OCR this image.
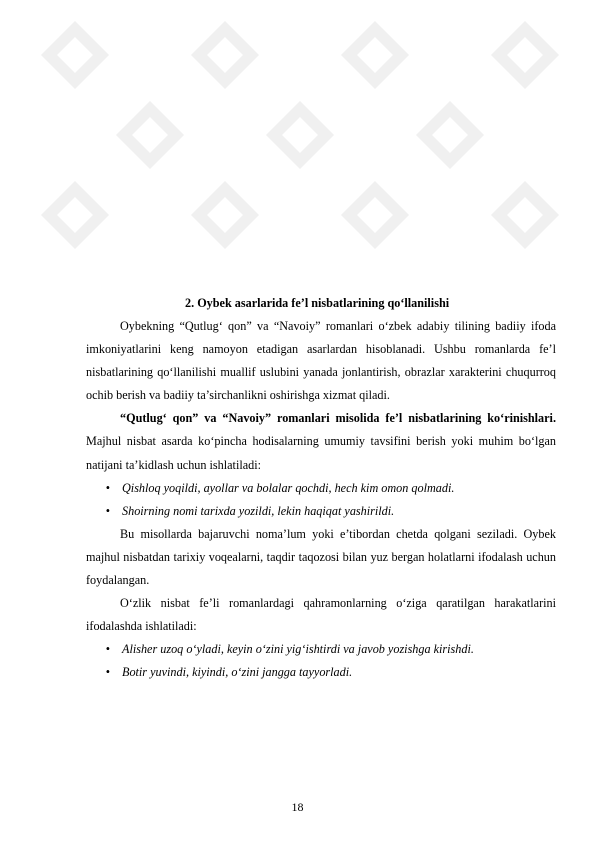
2. Oybek asarlarida fe’l nisbatlarining qo‘llanilishi

Oybekning “Qutlug‘ qon” va “Navoiy” romanlari o‘zbek adabiy tilining badiiy ifoda imkoniyatlarini keng namoyon etadigan asarlardan hisoblanadi. Ushbu romanlarda fe’l nisbatlarining qo‘llanilishi muallif uslubini yanada jonlantirish, obrazlar xarakterini chuqurroq ochib berish va badiiy ta’sirchanlikni oshirishga xizmat qiladi.

“Qutlug‘ qon” va “Navoiy” romanlari misolida fe’l nisbatlarining ko‘rinishlari. Majhul nisbat asarda ko‘pincha hodisalarning umumiy tavsifini berish yoki muhim bo‘lgan natijani ta’kidlash uchun ishlatiladi:

• Qishloq yoqildi, ayollar va bolalar qochdi, hech kim omon qolmadi.
• Shoirning nomi tarixda yozildi, lekin haqiqat yashirildi.

Bu misollarda bajaruvchi noma’lum yoki e’tibordan chetda qolgani seziladi. Oybek majhul nisbatdan tarixiy voqealarni, taqdir taqozosi bilan yuz bergan holatlarni ifodalash uchun foydalangan.

O‘zlik nisbat fe’li romanlardagi qahramonlarning o‘ziga qaratilgan harakatlarini ifodalashda ishlatiladi:

• Alisher uzoq o‘yladi, keyin o‘zini yig‘ishtirdi va javob yozishga kirishdi.
• Botir yuvindi, kiyindi, o‘zini jangga tayyorladi.
18
